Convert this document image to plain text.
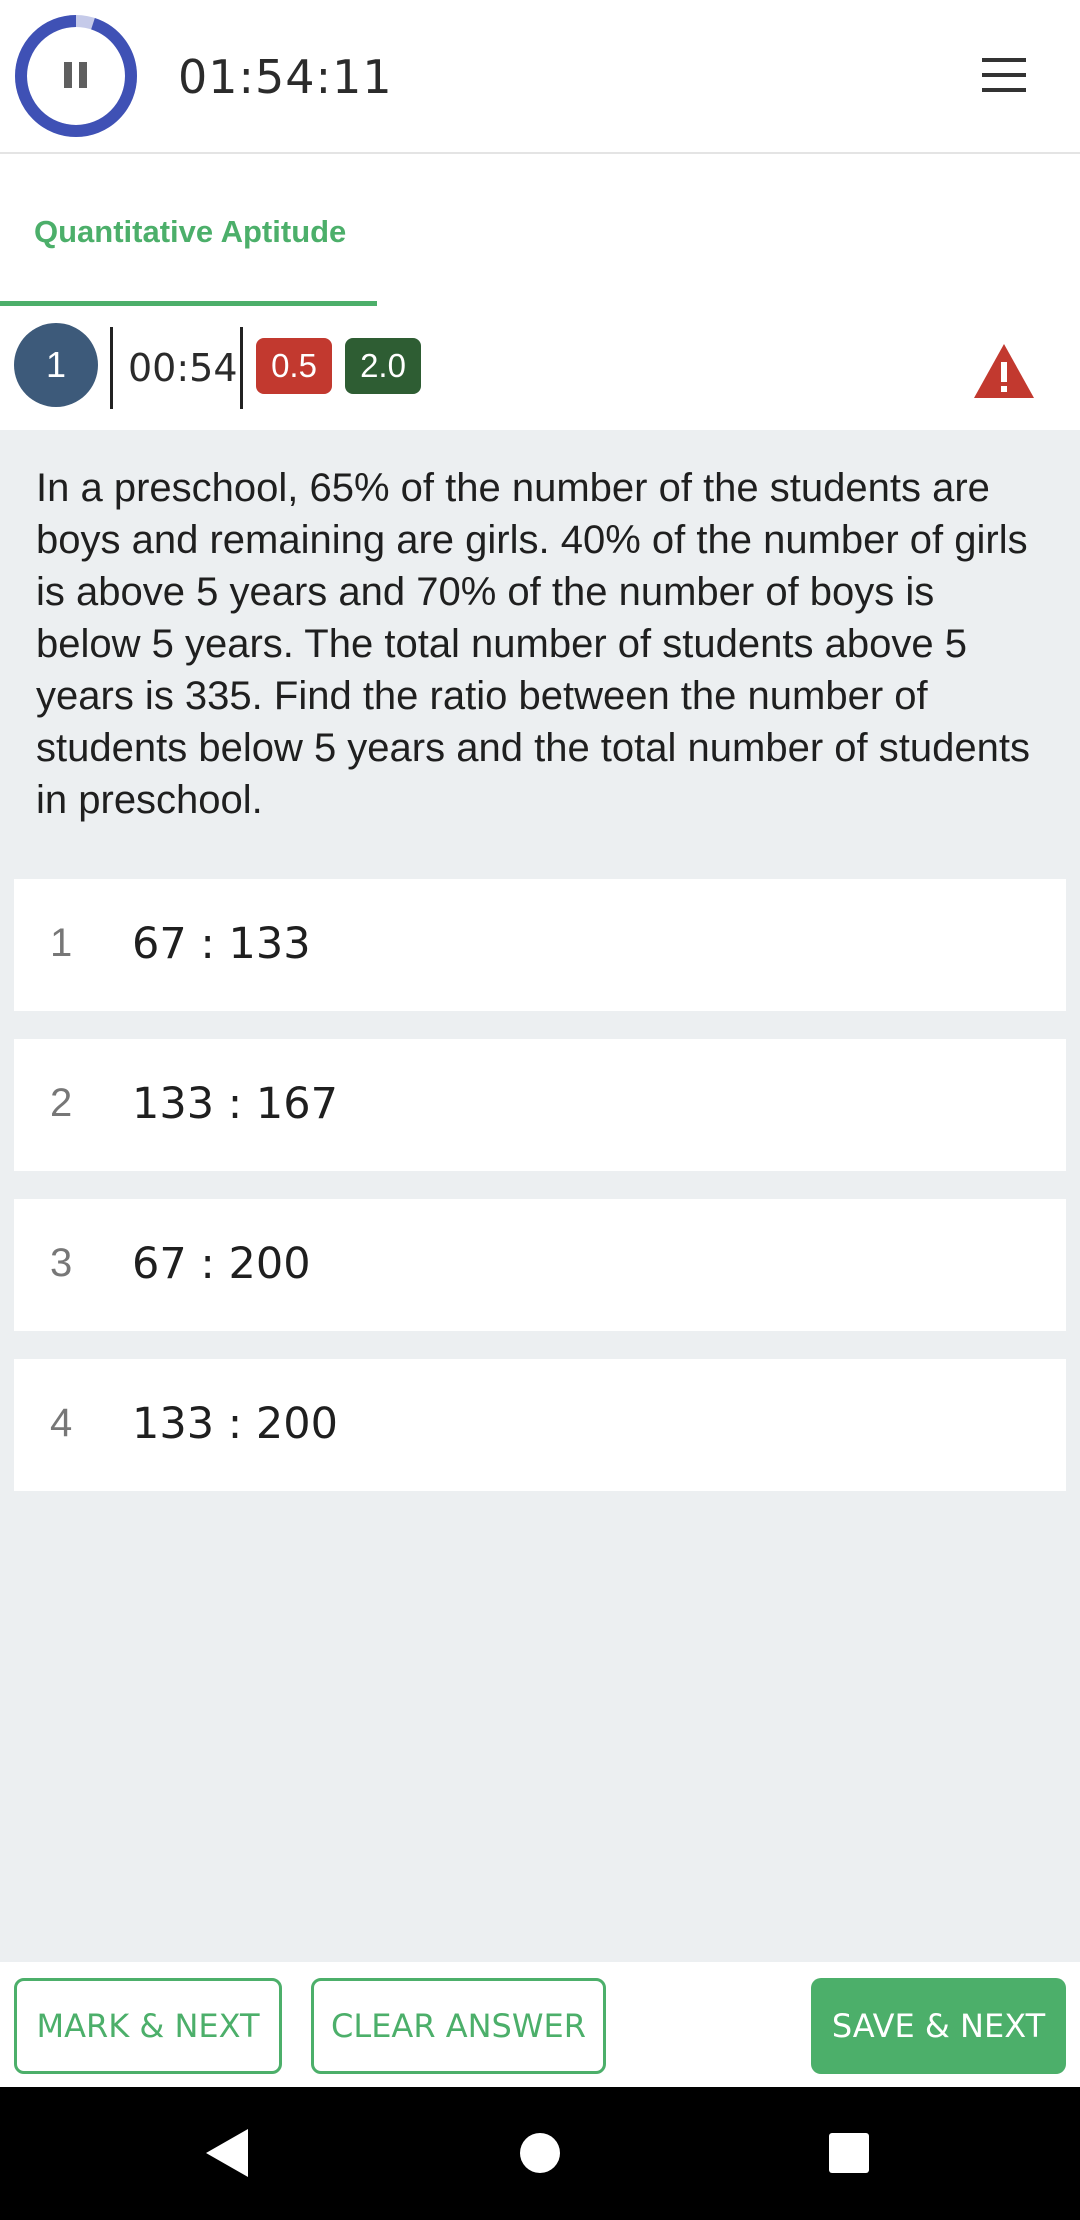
01:54:11
Quantitative Aptitude
1	00:54	0.5	2.0
In a preschool, 65% of the number of the students are boys and remaining are girls. 40% of the number of girls is above 5 years and 70% of the number of boys is below 5 years. The total number of students above 5 years is 335. Find the ratio between the number of students below 5 years and the total number of students in preschool.
1 67 : 133
2 133 : 167
3 67 : 200
4 133 : 200
MARK & NEXT	CLEAR ANSWER	SAVE & NEXT
